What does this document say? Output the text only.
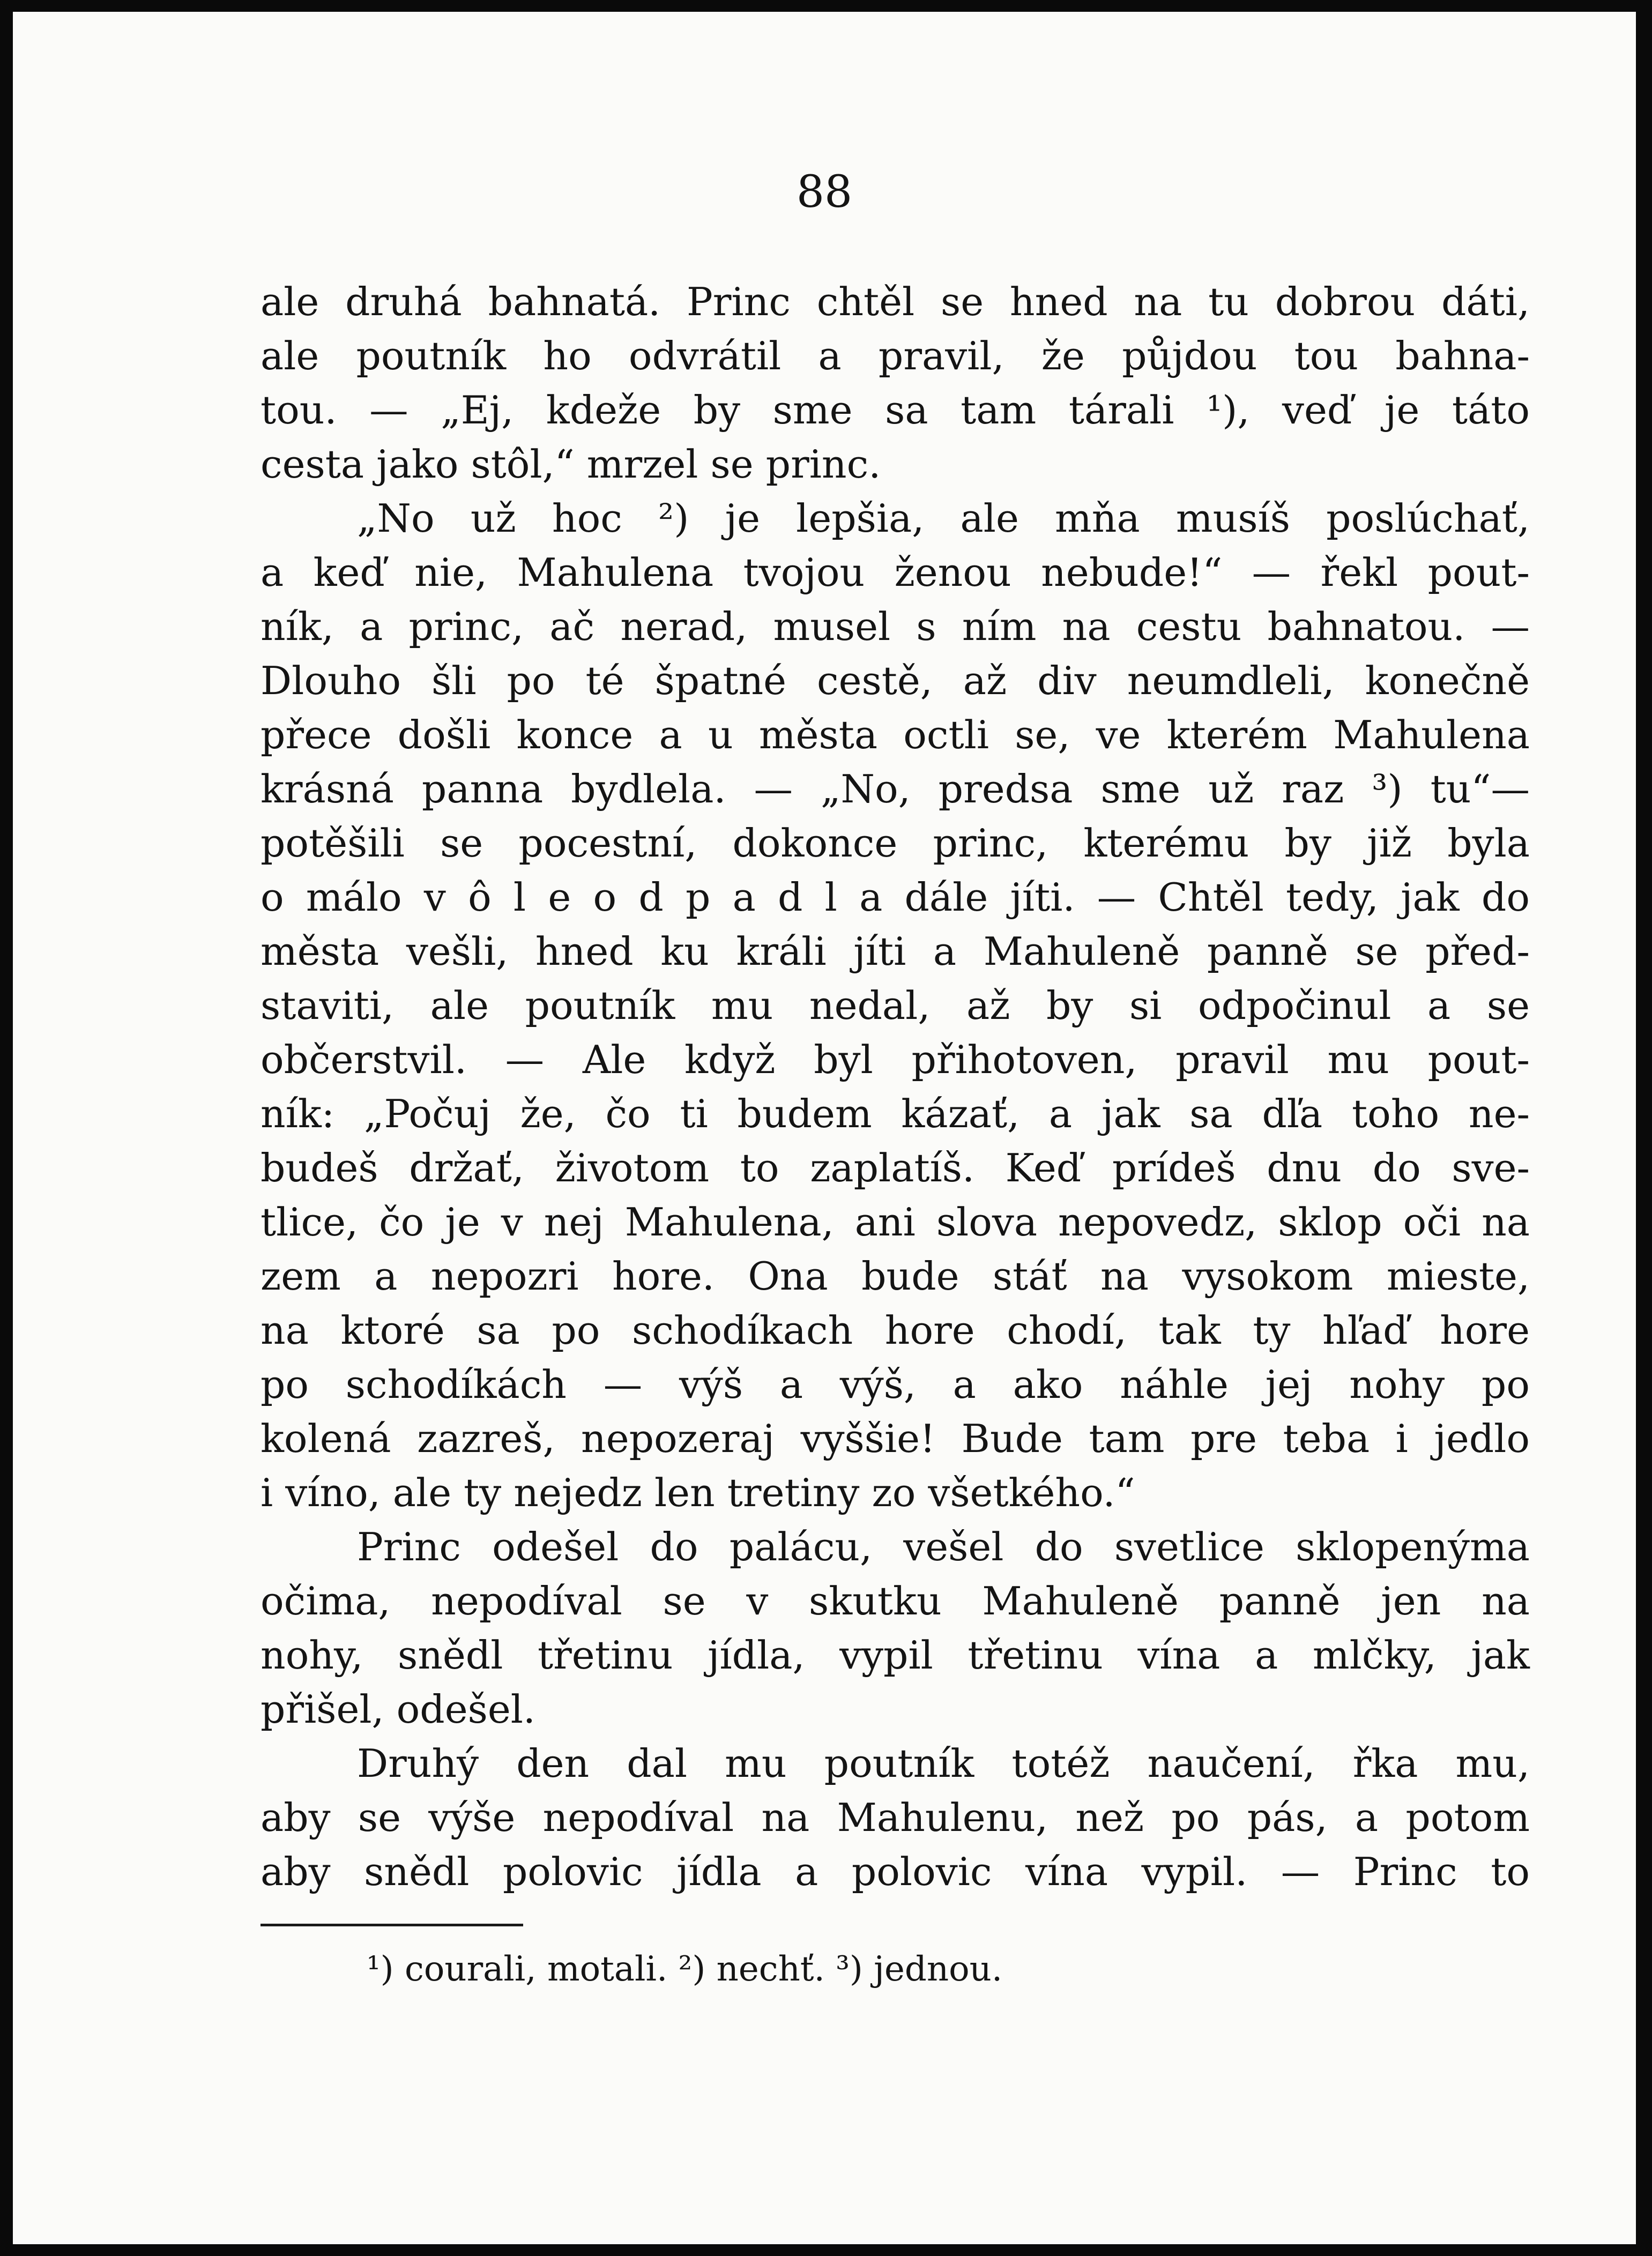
88
ale druhá bahnatá. Princ chtěl se hned na tu dobrou dáti,
ale poutník ho odvrátil a pravil, že půjdou tou bahna-
tou. — „Ej, kdeže by sme sa tam tárali ¹), veď je táto
cesta jako stôl,“ mrzel se princ.
„No už hoc ²) je lepšia, ale mňa musíš poslúchať,
a keď nie, Mahulena tvojou ženou nebude!“ — řekl pout-
ník, a princ, ač nerad, musel s ním na cestu bahnatou. —
Dlouho šli po té špatné cestě, až div neumdleli, konečně
přece došli konce a u města octli se, ve kterém Mahulena
krásná panna bydlela. — „No, predsa sme už raz ³) tu“—
potěšili se pocestní, dokonce princ, kterému by již byla
o málo v ô l e o d p a d l a dále jíti. — Chtěl tedy, jak do
města vešli, hned ku králi jíti a Mahuleně panně se před-
staviti, ale poutník mu nedal, až by si odpočinul a se
občerstvil. — Ale když byl přihotoven, pravil mu pout-
ník: „Počuj že, čo ti budem kázať, a jak sa dľa toho ne-
budeš držať, životom to zaplatíš. Keď prídeš dnu do sve-
tlice, čo je v nej Mahulena, ani slova nepovedz, sklop oči na
zem a nepozri hore. Ona bude stáť na vysokom mieste,
na ktoré sa po schodíkach hore chodí, tak ty hľaď hore
po schodíkách — výš a výš, a ako náhle jej nohy po
kolená zazreš, nepozeraj vyššie! Bude tam pre teba i jedlo
i víno, ale ty nejedz len tretiny zo všetkého.“
Princ odešel do palácu, vešel do svetlice sklopenýma
očima, nepodíval se v skutku Mahuleně panně jen na
nohy, snědl třetinu jídla, vypil třetinu vína a mlčky, jak
přišel, odešel.
Druhý den dal mu poutník totéž naučení, řka mu,
aby se výše nepodíval na Mahulenu, než po pás, a potom
aby snědl polovic jídla a polovic vína vypil. — Princ to
¹) courali, motali. ²) nechť. ³) jednou.
